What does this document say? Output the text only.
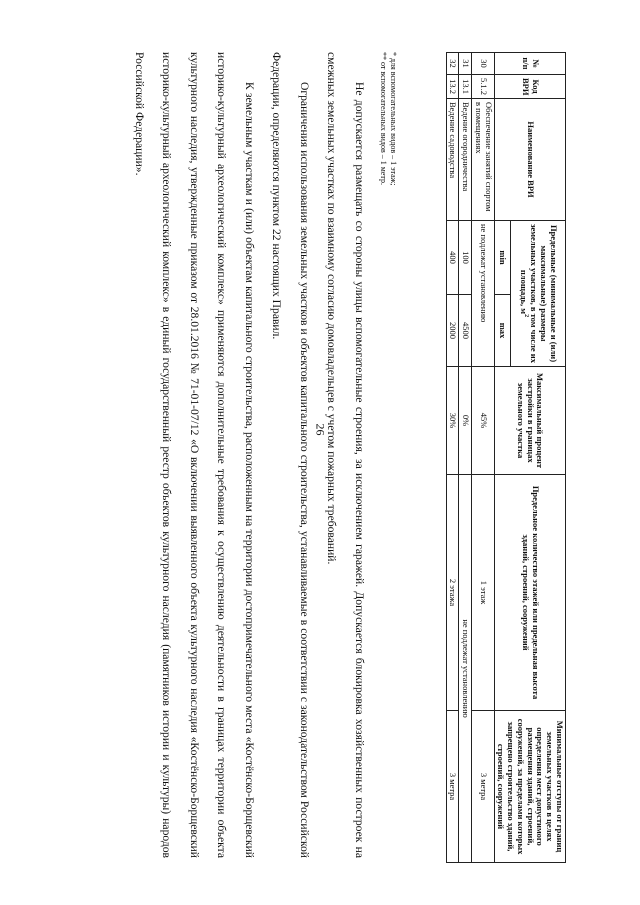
26
№ п/п	Код ВРИ	Наименование ВРИ	Предельные (минимальные и (или) максимальные) размеры земельных участков, в том числе их площадь, $м^2$		Максимальный процент застройки в границах земельного участка	Предельное количество этажей или предельная высота зданий, строений, сооружений	Минимальные отступы от границ земельных участков в целях определения мест допустимого размещения зданий, строений, сооружений, за пределами которых запрещено строительство зданий, строений, сооружений
			min	max			
30	5.1.2	Обеспечение занятий спортом в помещениях	не подлежат установлению		45%	1 этаж	3 метра
31	13.1	Ведение огородничества	100	4500	0%	не подлежат установлению	
32	13.2	Ведение садоводства	400	2000	30%	2 этажа	3 метра
* для вспомогательных видов – 1 этаж;
** от вспомогательных видов – 1 метр.

Не допускается размещать со стороны улицы вспомогательные строения, за исключением гаражей. Допускается блокировка хозяйственных построек на смежных земельных участках по взаимному согласию домовладельцев с учетом пожарных требований.

Ограничения использования земельных участков и объектов капитального строительства, устанавливаемые в соответствии с законодательством Российской Федерации, определяются пунктом 22 настоящих Правил.

К земельным участкам и (или) объектам капитального строительства, расположенным на территории достопримечательного места «Костёнско-Борщевский историко-культурный археологический комплекс» применяются дополнительные требования к осуществлению деятельности в границах территории объекта культурного наследия, утвержденные приказом от 28.01.2016 № 71-01-07/12 «О включении выявленного объекта культурного наследия «Костёнско-Борщевский историко-культурный археологический комплекс» в единый государственный реестр объектов культурного наследия (памятников истории и культуры) народов Российской Федерации».
